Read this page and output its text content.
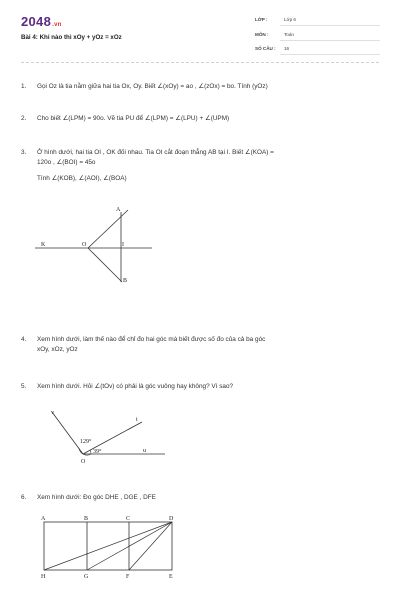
2048.vn
Bài 4: Khi nào thì xOy + yOz = xOz
LỚP :	Lớp 6
MÔN :	Toán
SỐ CÂU : 16
1.	Gọi Oz là tia nằm giữa hai tia Ox, Oy. Biết ∠(xOy) = ao , ∠(zOx) = bo. Tính (yOz)
2.	Cho biết ∠(LPM) = 90o. Vẽ tia PU để ∠(LPM) = ∠(LPU) + ∠(UPM)
3.	Ở hình dưới, hai tia OI , OK đối nhau. Tia OI cắt đoạn thẳng AB tại I. Biết ∠(KOA) =
120o , ∠(BOI) = 45o
Tính ∠(KOB), ∠(AOI), ∠(BOA)
A
K	O	I
B
4.	Xem hình dưới, làm thế nào để chỉ đo hai góc mà biết được số đo của cả ba góc
xOy, xOz, yOz
5.	Xem hình dưới. Hỏi ∠(tOv) có phải là góc vuông hay không? Vì sao?
v
t
u
O
129°
39°
6.	Xem hình dưới: Đo góc DHE , DGE , DFE
A	B	C	D
H	G	F	E
